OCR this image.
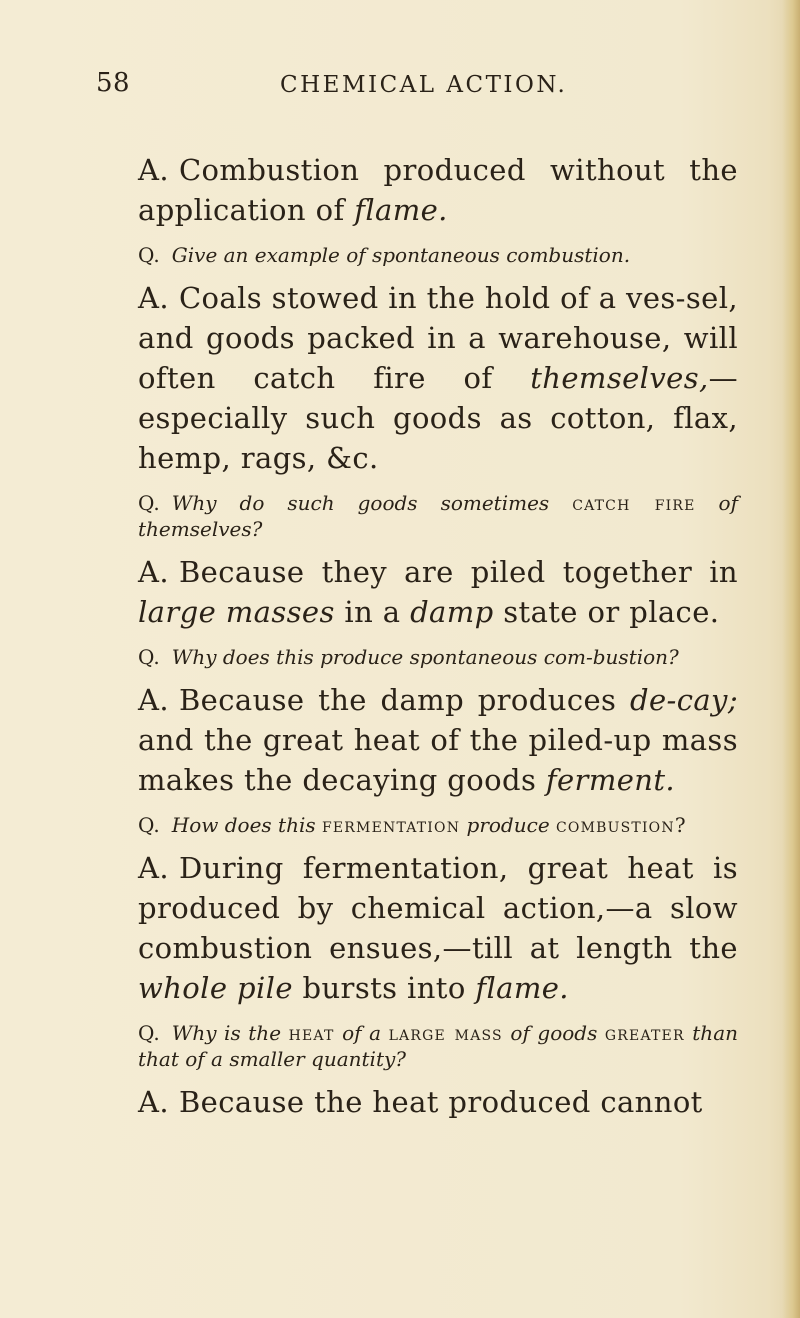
58	CHEMICAL ACTION.

A. Combustion produced without the application of flame.

Q. Give an example of spontaneous combustion.

A. Coals stowed in the hold of a ves-sel, and goods packed in a warehouse, will often catch fire of themselves,—especially such goods as cotton, flax, hemp, rags, &c.

Q. Why do such goods sometimes catch fire of themselves?

A. Because they are piled together in large masses in a damp state or place.

Q. Why does this produce spontaneous com-bustion?

A. Because the damp produces de-cay; and the great heat of the piled-up mass makes the decaying goods ferment.

Q. How does this fermentation produce combustion?

A. During fermentation, great heat is produced by chemical action,—a slow combustion ensues,—till at length the whole pile bursts into flame.

Q. Why is the heat of a large mass of goods greater than that of a smaller quantity?

A. Because the heat produced cannot
